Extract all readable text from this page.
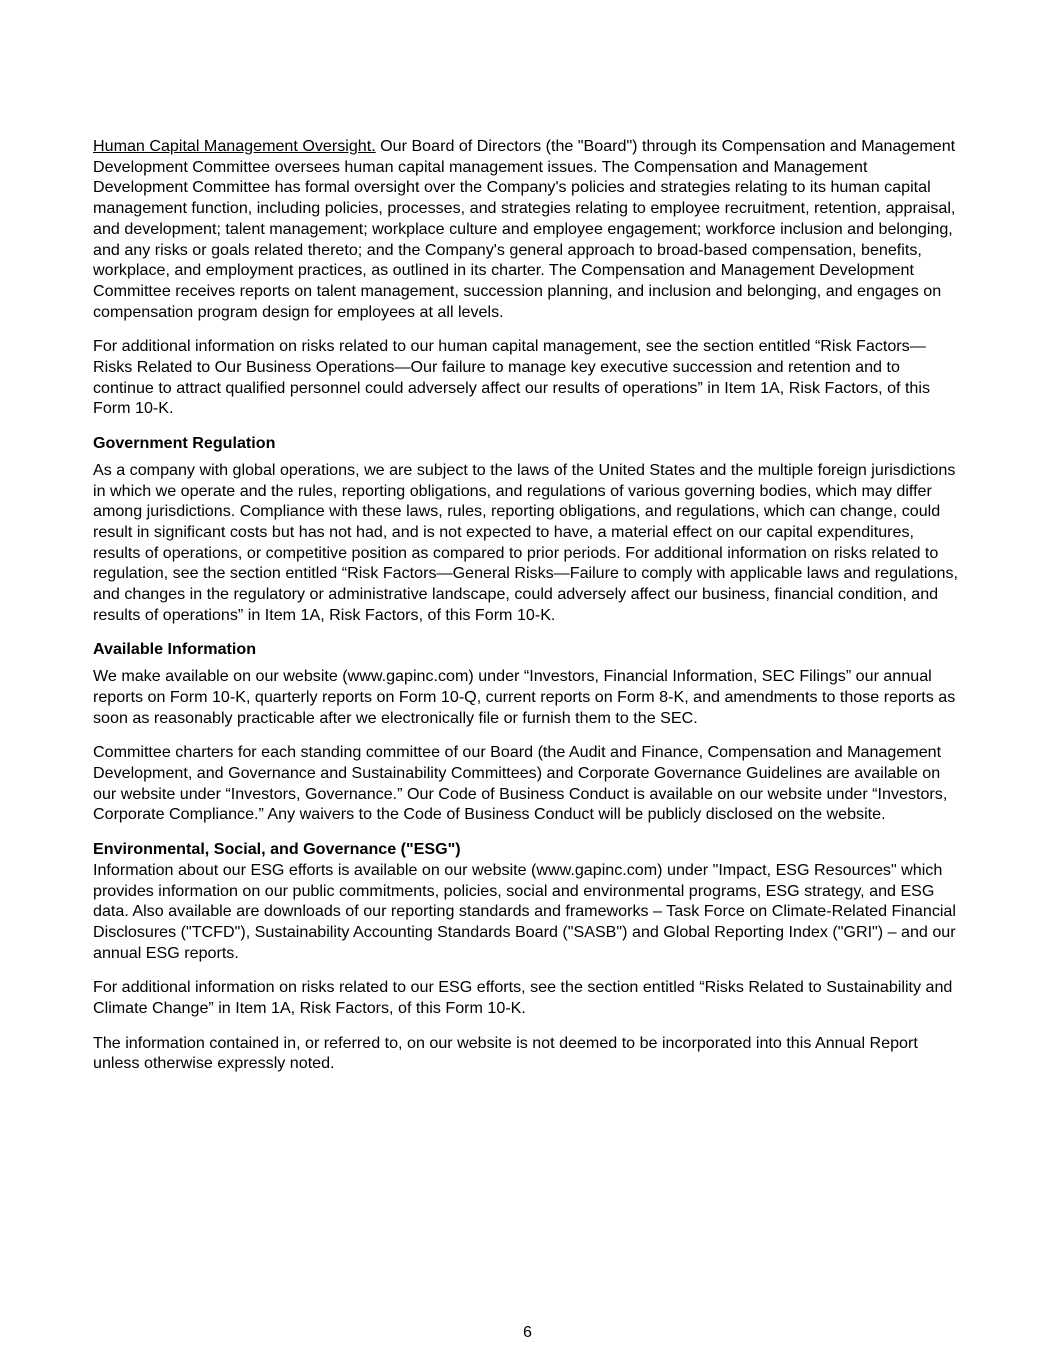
Human Capital Management Oversight. Our Board of Directors (the "Board") through its Compensation and Management Development Committee oversees human capital management issues. The Compensation and Management Development Committee has formal oversight over the Company's policies and strategies relating to its human capital management function, including policies, processes, and strategies relating to employee recruitment, retention, appraisal, and development; talent management; workplace culture and employee engagement; workforce inclusion and belonging, and any risks or goals related thereto; and the Company's general approach to broad-based compensation, benefits, workplace, and employment practices, as outlined in its charter. The Compensation and Management Development Committee receives reports on talent management, succession planning, and inclusion and belonging, and engages on compensation program design for employees at all levels.

For additional information on risks related to our human capital management, see the section entitled “Risk Factors—Risks Related to Our Business Operations—Our failure to manage key executive succession and retention and to continue to attract qualified personnel could adversely affect our results of operations” in Item 1A, Risk Factors, of this Form 10-K.

Government Regulation

As a company with global operations, we are subject to the laws of the United States and the multiple foreign jurisdictions in which we operate and the rules, reporting obligations, and regulations of various governing bodies, which may differ among jurisdictions. Compliance with these laws, rules, reporting obligations, and regulations, which can change, could result in significant costs but has not had, and is not expected to have, a material effect on our capital expenditures, results of operations, or competitive position as compared to prior periods. For additional information on risks related to regulation, see the section entitled “Risk Factors—General Risks—Failure to comply with applicable laws and regulations, and changes in the regulatory or administrative landscape, could adversely affect our business, financial condition, and results of operations” in Item 1A, Risk Factors, of this Form 10-K.

Available Information

We make available on our website (www.gapinc.com) under “Investors, Financial Information, SEC Filings” our annual reports on Form 10-K, quarterly reports on Form 10-Q, current reports on Form 8-K, and amendments to those reports as soon as reasonably practicable after we electronically file or furnish them to the SEC.

Committee charters for each standing committee of our Board (the Audit and Finance, Compensation and Management Development, and Governance and Sustainability Committees) and Corporate Governance Guidelines are available on our website under “Investors, Governance.” Our Code of Business Conduct is available on our website under “Investors, Corporate Compliance.” Any waivers to the Code of Business Conduct will be publicly disclosed on the website.

Environmental, Social, and Governance ("ESG")

Information about our ESG efforts is available on our website (www.gapinc.com) under "Impact, ESG Resources" which provides information on our public commitments, policies, social and environmental programs, ESG strategy, and ESG data. Also available are downloads of our reporting standards and frameworks – Task Force on Climate-Related Financial Disclosures ("TCFD"), Sustainability Accounting Standards Board ("SASB") and Global Reporting Index ("GRI") – and our annual ESG reports.

For additional information on risks related to our ESG efforts, see the section entitled “Risks Related to Sustainability and Climate Change” in Item 1A, Risk Factors, of this Form 10-K.

The information contained in, or referred to, on our website is not deemed to be incorporated into this Annual Report unless otherwise expressly noted.

6
